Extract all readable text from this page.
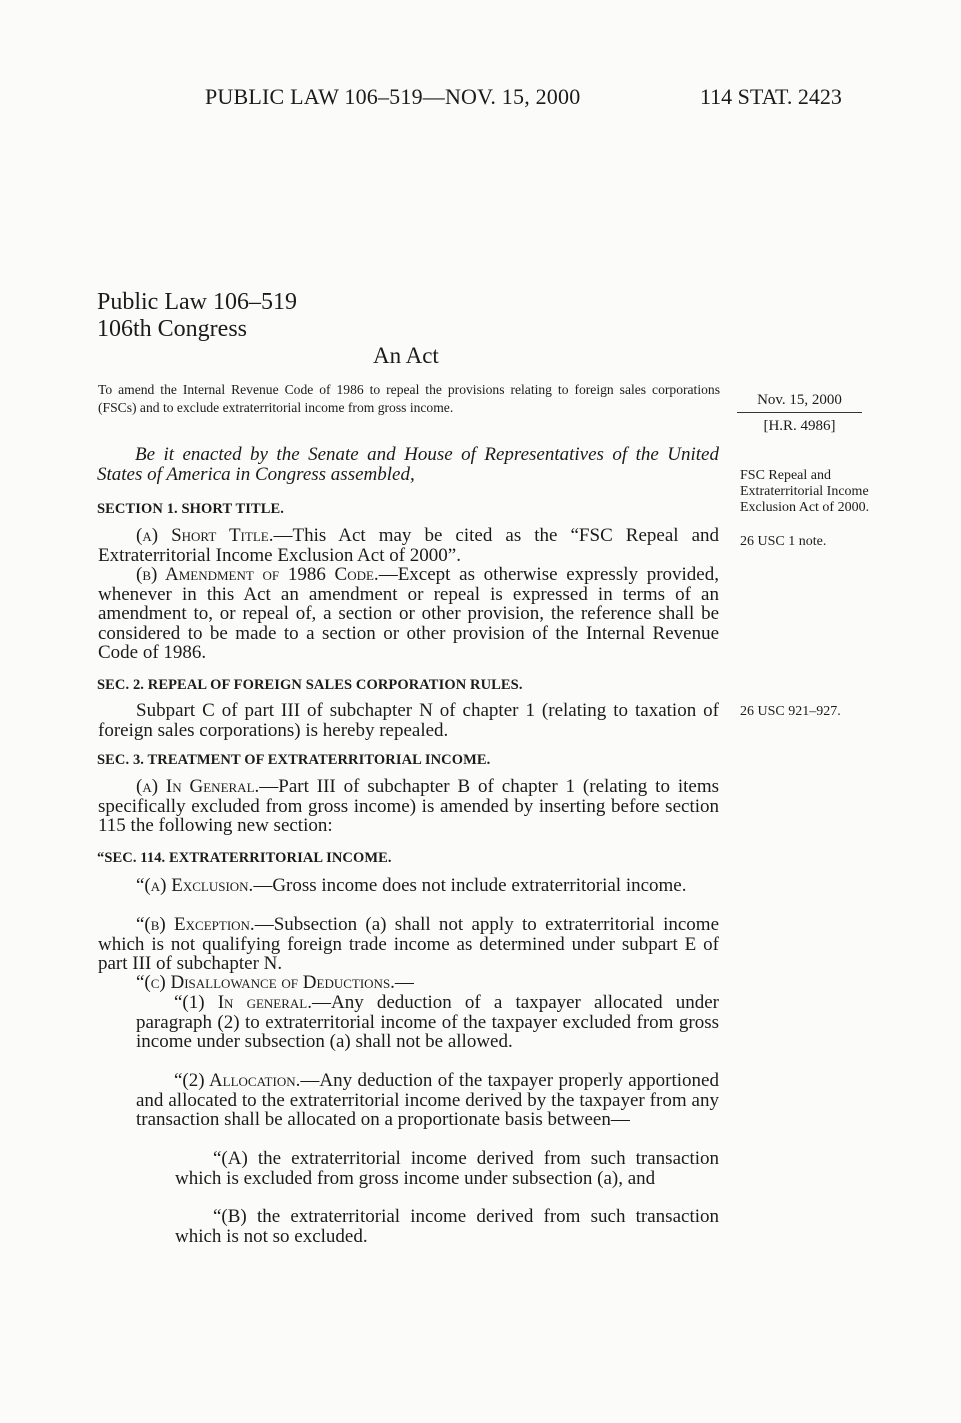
PUBLIC LAW 106–519—NOV. 15, 2000	114 STAT. 2423
Public Law 106–519
106th Congress
An Act
To amend the Internal Revenue Code of 1986 to repeal the provisions relating to foreign sales corporations (FSCs) and to exclude extraterritorial income from gross income.	Nov. 15, 2000
[H.R. 4986]
Be it enacted by the Senate and House of Representatives of the United States of America in Congress assembled,
SECTION 1. SHORT TITLE.
(a) Short Title.—This Act may be cited as the “FSC Repeal and Extraterritorial Income Exclusion Act of 2000”.
(b) Amendment of 1986 Code.—Except as otherwise expressly provided, whenever in this Act an amendment or repeal is expressed in terms of an amendment to, or repeal of, a section or other provision, the reference shall be considered to be made to a section or other provision of the Internal Revenue Code of 1986.
FSC Repeal and Extraterritorial Income Exclusion Act of 2000.
26 USC 1 note.
SEC. 2. REPEAL OF FOREIGN SALES CORPORATION RULES.
Subpart C of part III of subchapter N of chapter 1 (relating to taxation of foreign sales corporations) is hereby repealed.
26 USC 921–927.
SEC. 3. TREATMENT OF EXTRATERRITORIAL INCOME.
(a) In General.—Part III of subchapter B of chapter 1 (relating to items specifically excluded from gross income) is amended by inserting before section 115 the following new section:
“SEC. 114. EXTRATERRITORIAL INCOME.
“(a) Exclusion.—Gross income does not include extraterritorial income.
“(b) Exception.—Subsection (a) shall not apply to extraterritorial income which is not qualifying foreign trade income as determined under subpart E of part III of subchapter N.
“(c) Disallowance of Deductions.—
“(1) In general.—Any deduction of a taxpayer allocated under paragraph (2) to extraterritorial income of the taxpayer excluded from gross income under subsection (a) shall not be allowed.
“(2) Allocation.—Any deduction of the taxpayer properly apportioned and allocated to the extraterritorial income derived by the taxpayer from any transaction shall be allocated on a proportionate basis between—
“(A) the extraterritorial income derived from such transaction which is excluded from gross income under subsection (a), and
“(B) the extraterritorial income derived from such transaction which is not so excluded.
